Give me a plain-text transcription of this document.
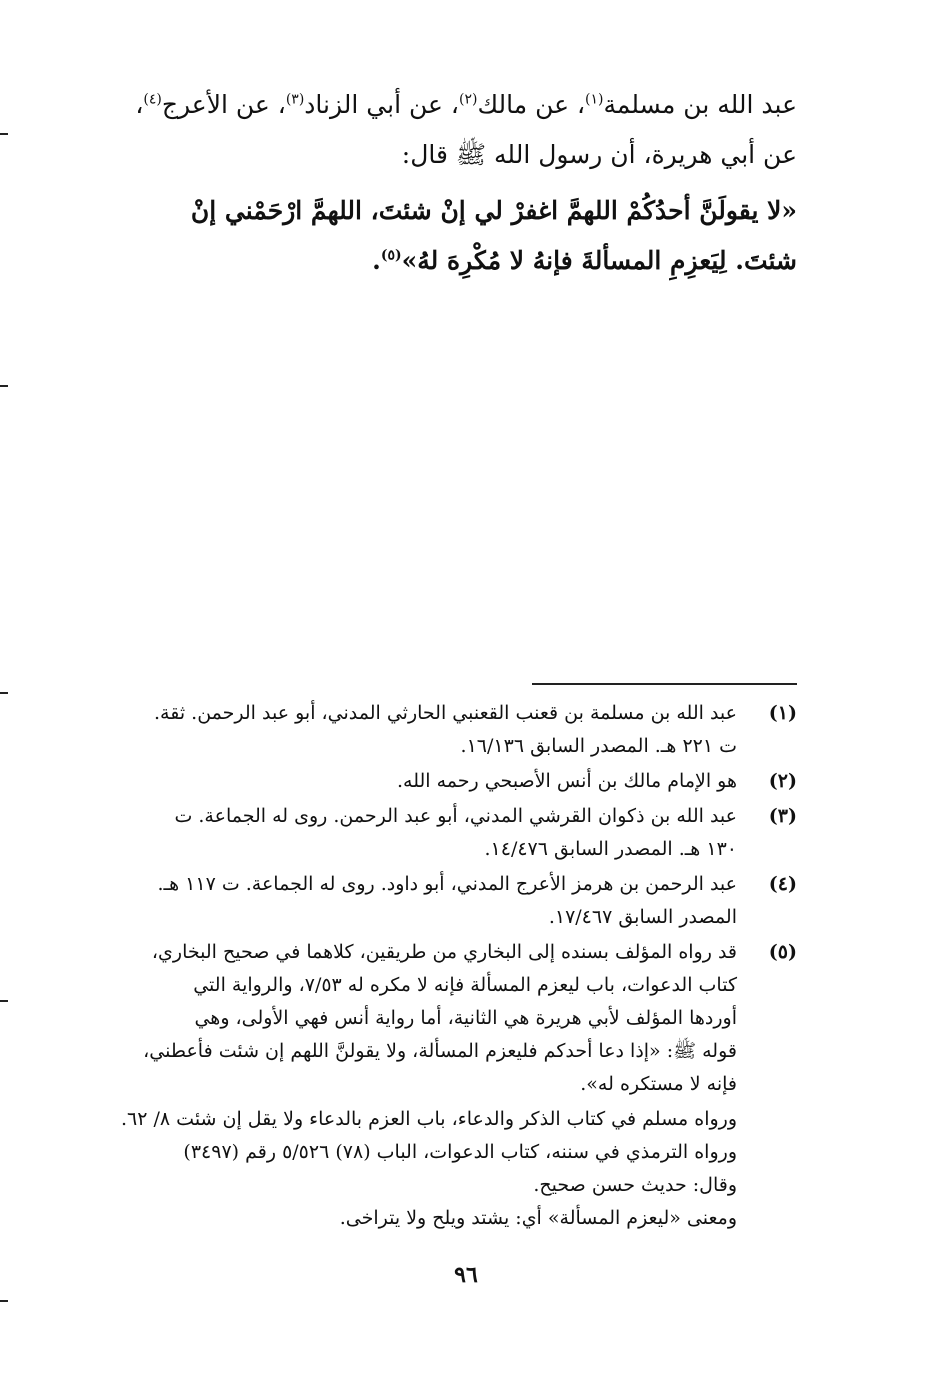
عبد الله بن مسلمة$^{(١)}$، عن مالك$^{(٢)}$، عن أبي الزناد$^{(٣)}$، عن الأعرج$^{(٤)}$،
عن أبي هريرة، أن رسول الله ﷺ قال:
«لا يقولَنَّ أحدُكُمْ اللهمَّ اغفرْ لي إنْ شئتَ، اللهمَّ ارْحَمْني إنْ
شئتَ. لِيَعزِمِ المسألةَ فإنهُ لا مُكْرِهَ لهُ»$^{(٥)}$.
(١)
عبد الله بن مسلمة بن قعنب القعنبي الحارثي المدني، أبو عبد الرحمن. ثقة.
ت ٢٢١ هـ. المصدر السابق ١٦/١٣٦.
(٢)
هو الإمام مالك بن أنس الأصبحي رحمه الله.
(٣)
عبد الله بن ذكوان القرشي المدني، أبو عبد الرحمن. روى له الجماعة. ت
١٣٠ هـ. المصدر السابق ١٤/٤٧٦.
(٤)
عبد الرحمن بن هرمز الأعرج المدني، أبو داود. روى له الجماعة. ت ١١٧ هـ.
المصدر السابق ١٧/٤٦٧.
(٥)
قد رواه المؤلف بسنده إلى البخاري من طريقين، كلاهما في صحيح البخاري،
كتاب الدعوات، باب ليعزم المسألة فإنه لا مكره له ٧/٥٣، والرواية التي
أوردها المؤلف لأبي هريرة هي الثانية، أما رواية أنس فهي الأولى، وهي
قوله ﷺ: «إذا دعا أحدكم فليعزم المسألة، ولا يقولنَّ اللهم إن شئت فأعطني،
فإنه لا مستكره له».
ورواه مسلم في كتاب الذكر والدعاء، باب العزم بالدعاء ولا يقل إن شئت ٨/ ٦٢.
ورواه الترمذي في سننه، كتاب الدعوات، الباب (٧٨) ٥/٥٢٦ رقم (٣٤٩٧)
وقال: حديث حسن صحيح.
ومعنى «ليعزم المسألة» أي: يشتد ويلح ولا يتراخى.
٩٦
